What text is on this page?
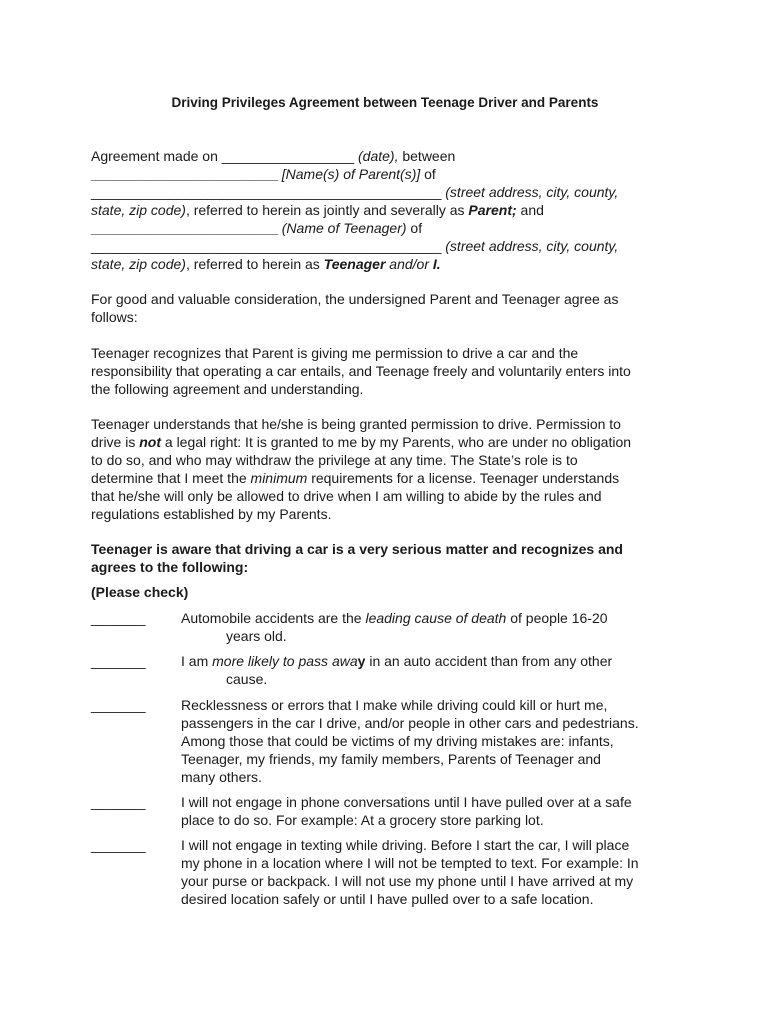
Driving Privileges Agreement between Teenage Driver and Parents
Agreement made on _________________ (date), between
________________________ [Name(s) of Parent(s)] of
_____________________________________________ (street address, city, county,
state, zip code), referred to herein as jointly and severally as Parent; and
________________________ (Name of Teenager) of
_____________________________________________ (street address, city, county,
state, zip code), referred to herein as Teenager and/or I.
For good and valuable consideration, the undersigned Parent and Teenager agree as
follows:
Teenager recognizes that Parent is giving me permission to drive a car and the
responsibility that operating a car entails, and Teenage freely and voluntarily enters into
the following agreement and understanding.
Teenager understands that he/she is being granted permission to drive. Permission to
drive is not a legal right: It is granted to me by my Parents, who are under no obligation
to do so, and who may withdraw the privilege at any time. The State’s role is to
determine that I meet the minimum requirements for a license. Teenager understands
that he/she will only be allowed to drive when I am willing to abide by the rules and
regulations established by my Parents.
Teenager is aware that driving a car is a very serious matter and recognizes and
agrees to the following:
(Please check)
_______	Automobile accidents are the leading cause of death of people 16-20
years old.
_______	I am more likely to pass away in an auto accident than from any other
cause.
_______	Recklessness or errors that I make while driving could kill or hurt me,
passengers in the car I drive, and/or people in other cars and pedestrians.
Among those that could be victims of my driving mistakes are: infants,
Teenager, my friends, my family members, Parents of Teenager and
many others.
_______	I will not engage in phone conversations until I have pulled over at a safe
place to do so. For example: At a grocery store parking lot.
_______	I will not engage in texting while driving. Before I start the car, I will place
my phone in a location where I will not be tempted to text. For example: In
your purse or backpack. I will not use my phone until I have arrived at my
desired location safely or until I have pulled over to a safe location.
